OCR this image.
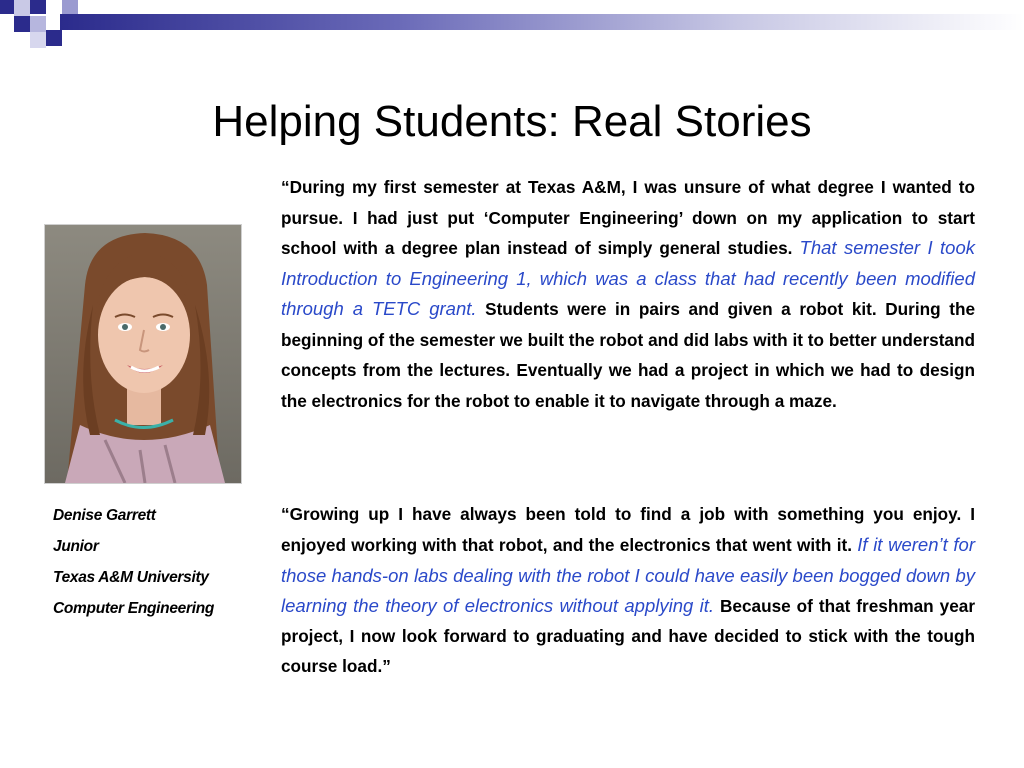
Helping Students: Real Stories
Denise Garrett
Junior
Texas A&M University
Computer Engineering

“During my first semester at Texas A&M, I was unsure of what degree I wanted to pursue. I had just put ‘Computer Engineering’ down on my application to start school with a degree plan instead of simply general studies. That semester I took Introduction to Engineering 1, which was a class that had recently been modified through a TETC grant. Students were in pairs and given a robot kit. During the beginning of the semester we built the robot and did labs with it to better understand concepts from the lectures. Eventually we had a project in which we had to design the electronics for the robot to enable it to navigate through a maze.

“Growing up I have always been told to find a job with something you enjoy. I enjoyed working with that robot, and the electronics that went with it. If it weren’t for those hands-on labs dealing with the robot I could have easily been bogged down by learning the theory of electronics without applying it. Because of that freshman year project, I now look forward to graduating and have decided to stick with the tough course load.”
